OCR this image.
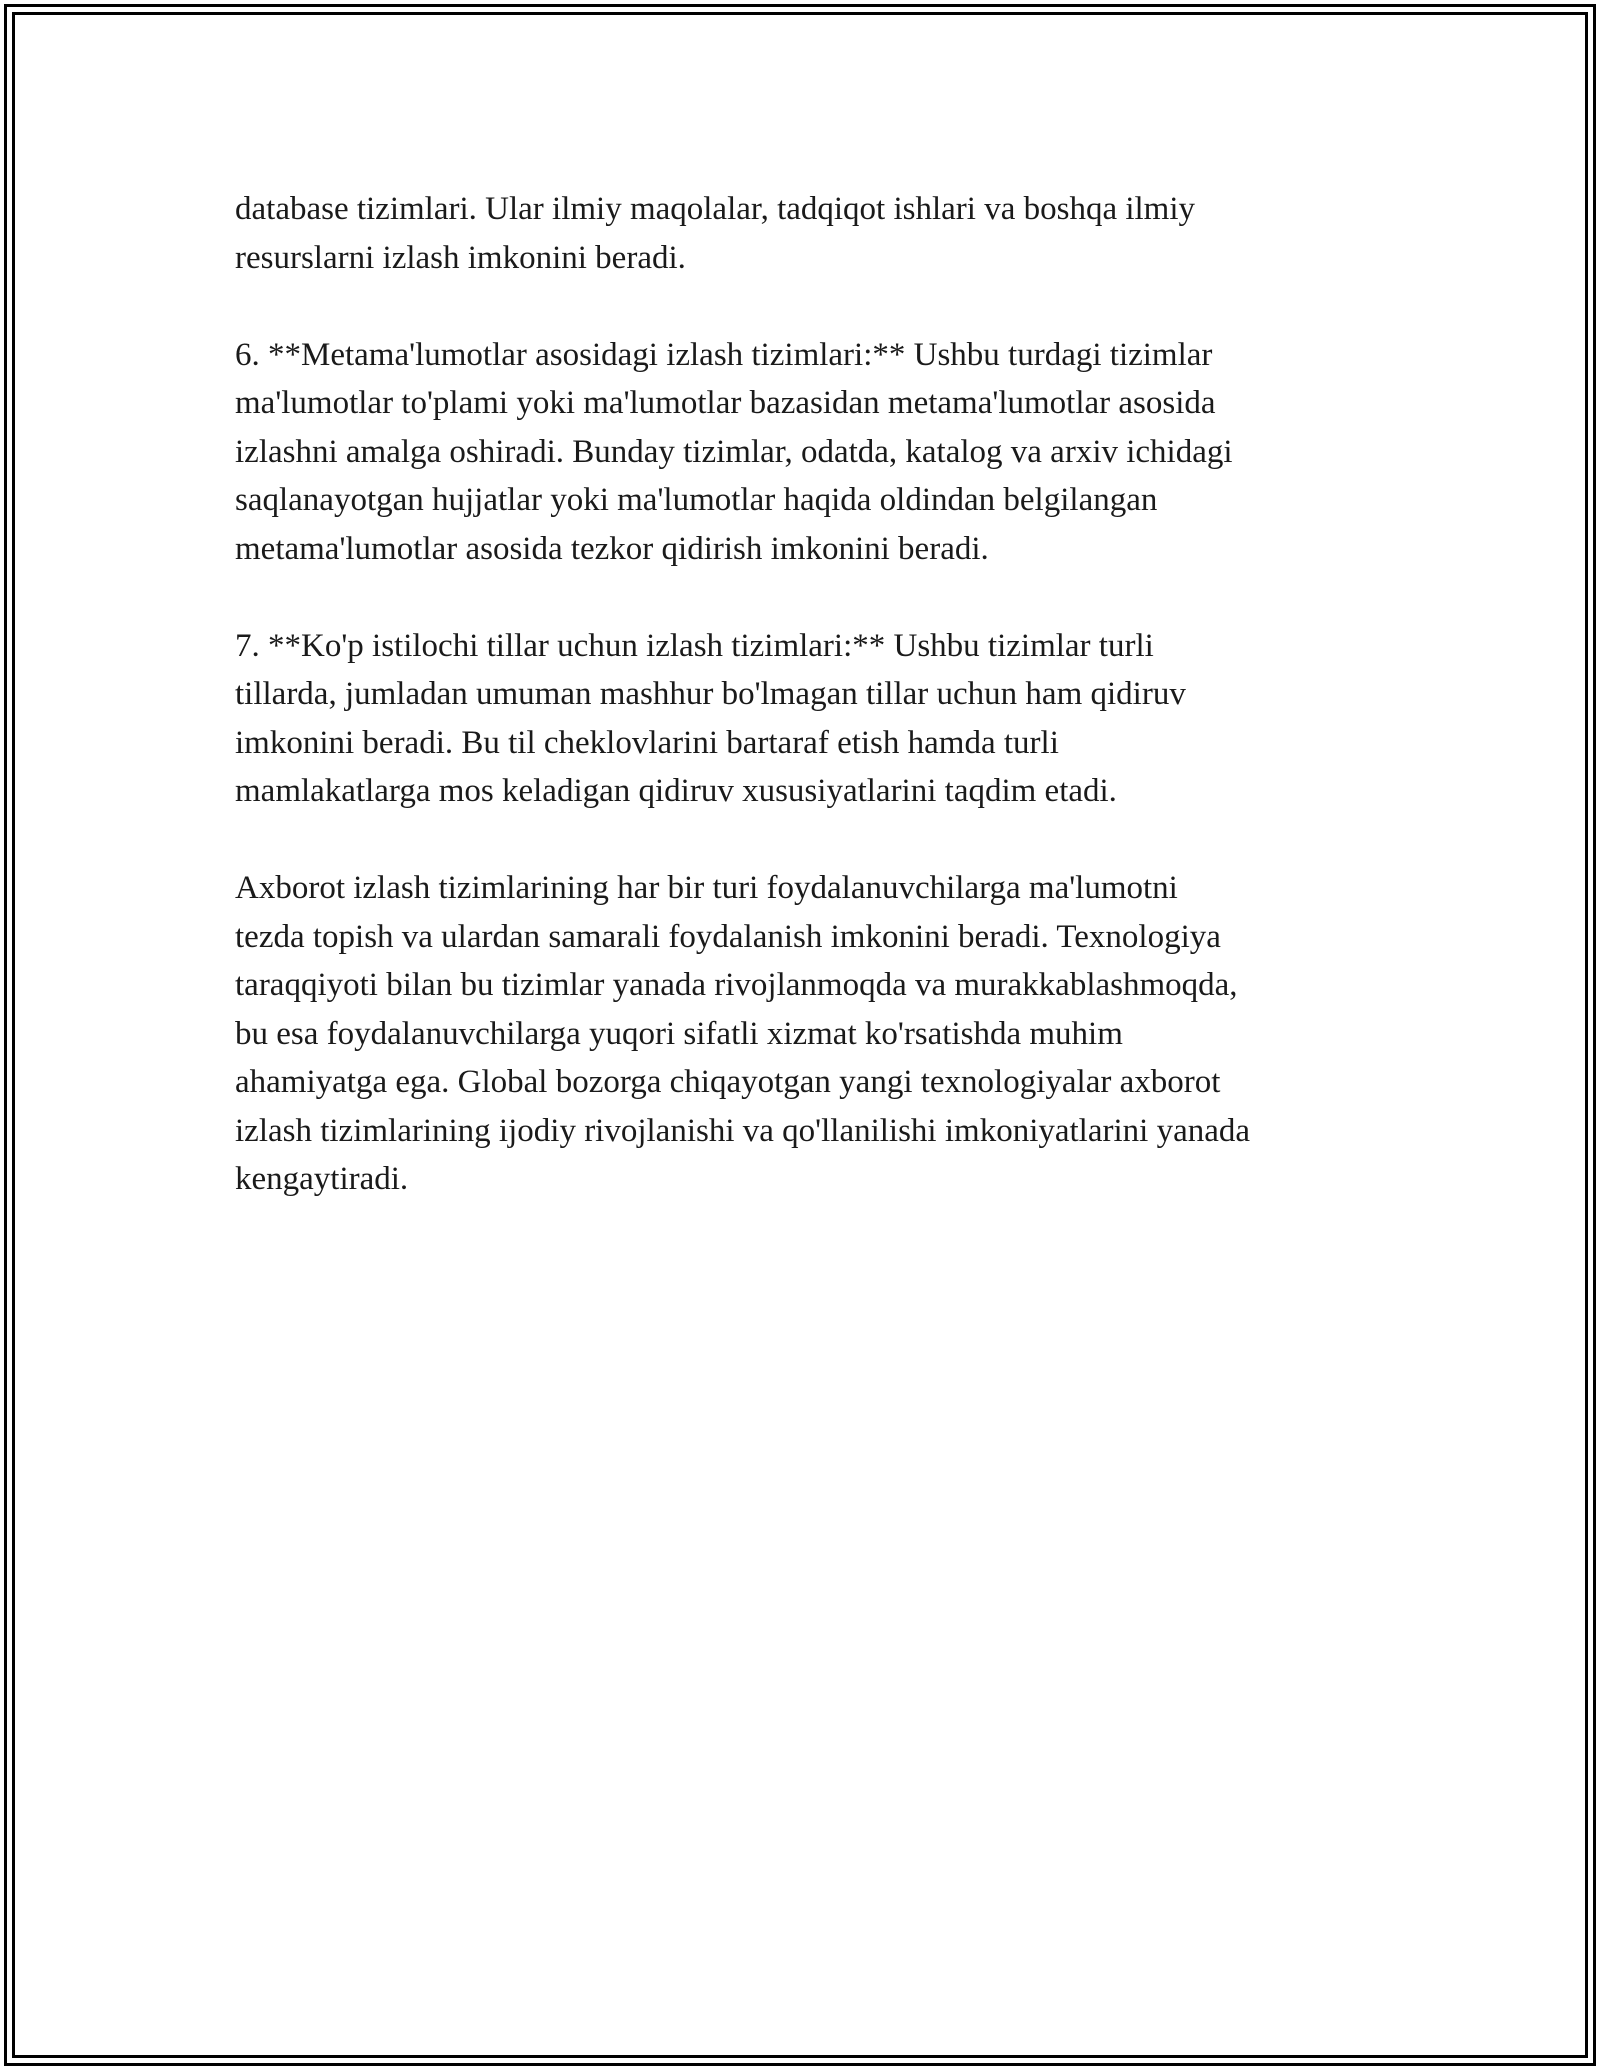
database tizimlari. Ular ilmiy maqolalar, tadqiqot ishlari va boshqa ilmiy
resurslarni izlash imkonini beradi.

6. **Metama'lumotlar asosidagi izlash tizimlari:** Ushbu turdagi tizimlar
ma'lumotlar to'plami yoki ma'lumotlar bazasidan metama'lumotlar asosida
izlashni amalga oshiradi. Bunday tizimlar, odatda, katalog va arxiv ichidagi
saqlanayotgan hujjatlar yoki ma'lumotlar haqida oldindan belgilangan
metama'lumotlar asosida tezkor qidirish imkonini beradi.

7. **Ko'p istilochi tillar uchun izlash tizimlari:** Ushbu tizimlar turli
tillarda, jumladan umuman mashhur bo'lmagan tillar uchun ham qidiruv
imkonini beradi. Bu til cheklovlarini bartaraf etish hamda turli
mamlakatlarga mos keladigan qidiruv xususiyatlarini taqdim etadi.

Axborot izlash tizimlarining har bir turi foydalanuvchilarga ma'lumotni
tezda topish va ulardan samarali foydalanish imkonini beradi. Texnologiya
taraqqiyoti bilan bu tizimlar yanada rivojlanmoqda va murakkablashmoqda,
bu esa foydalanuvchilarga yuqori sifatli xizmat ko'rsatishda muhim
ahamiyatga ega. Global bozorga chiqayotgan yangi texnologiyalar axborot
izlash tizimlarining ijodiy rivojlanishi va qo'llanilishi imkoniyatlarini yanada
kengaytiradi.
